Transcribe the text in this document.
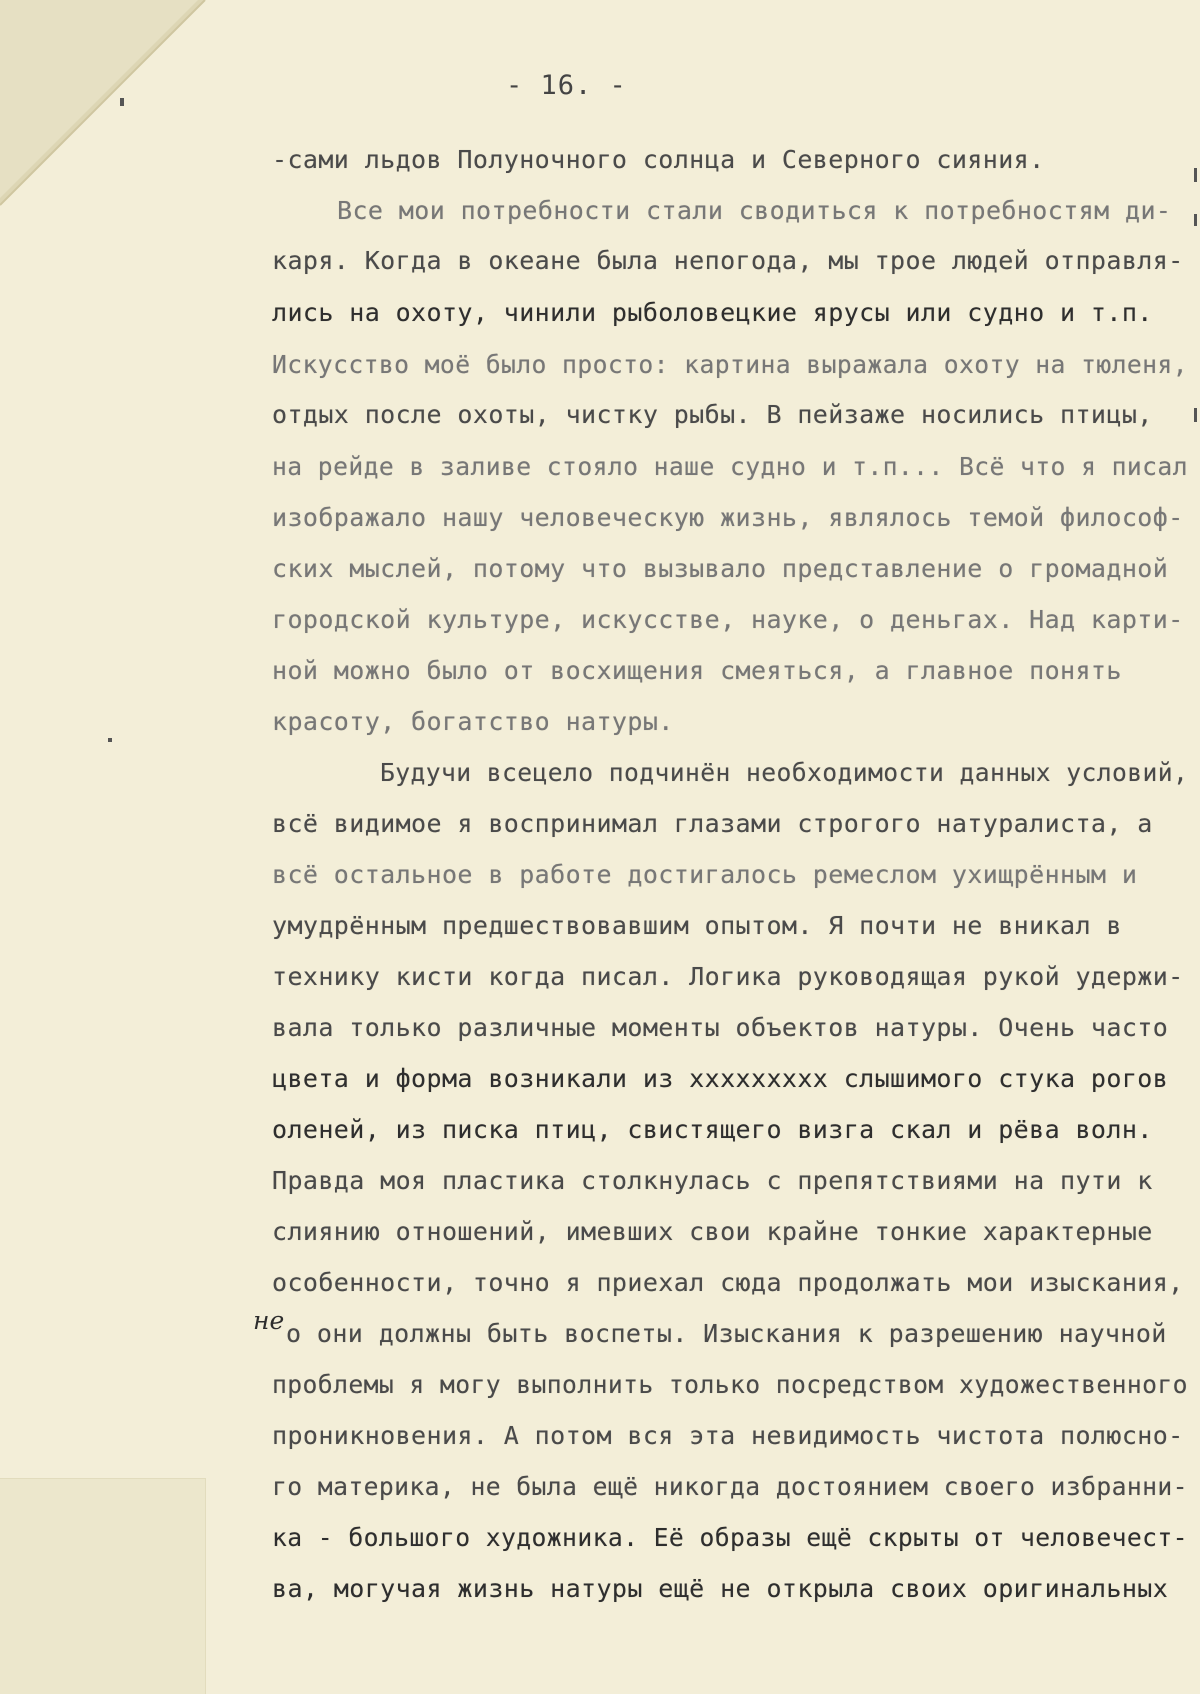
- 16. -
-сами льдов Полуночного солнца и Северного сияния.
Все мои потребности стали сводиться к потребностям ди-
каря. Когда в океане была непогода, мы трое людей отправля-
лись на охоту, чинили рыболовецкие ярусы или судно и т.п.
Искусство моё было просто: картина выражала охоту на тюленя,
отдых после охоты, чистку рыбы. В пейзаже носились птицы,
на рейде в заливе стояло наше судно и т.п... Всё что я писал
изображало нашу человеческую жизнь, являлось темой философ-
ских мыслей, потому что вызывало представление о громадной
городской культуре, искусстве, науке, о деньгах. Над карти-
ной можно было от восхищения смеяться, а главное понять
красоту, богатство натуры.
Будучи всецело подчинён необходимости данных условий,
всё видимое я воспринимал глазами строгого натуралиста, а
всё остальное в работе достигалось ремеслом ухищрённым и
умудрённым предшествовавшим опытом. Я почти не вникал в
технику кисти когда писал. Логика руководящая рукой удержи-
вала только различные моменты объектов натуры. Очень часто
цвета и форма возникали из ххххххххх слышимого стука рогов
оленей, из писка птиц, свистящего визга скал и рёва волн.
Правда моя пластика столкнулась с препятствиями на пути к
слиянию отношений, имевших свои крайне тонкие характерные
особенности, точно я приехал сюда продолжать мои изыскания,
не о они должны быть воспеты. Изыскания к разрешению научной
проблемы я могу выполнить только посредством художественного
проникновения. А потом вся эта невидимость чистота полюсно-
го материка, не была ещё никогда достоянием своего избранни-
ка - большого художника. Её образы ещё скрыты от человечест-
ва, могучая жизнь натуры ещё не открыла своих оригинальных
